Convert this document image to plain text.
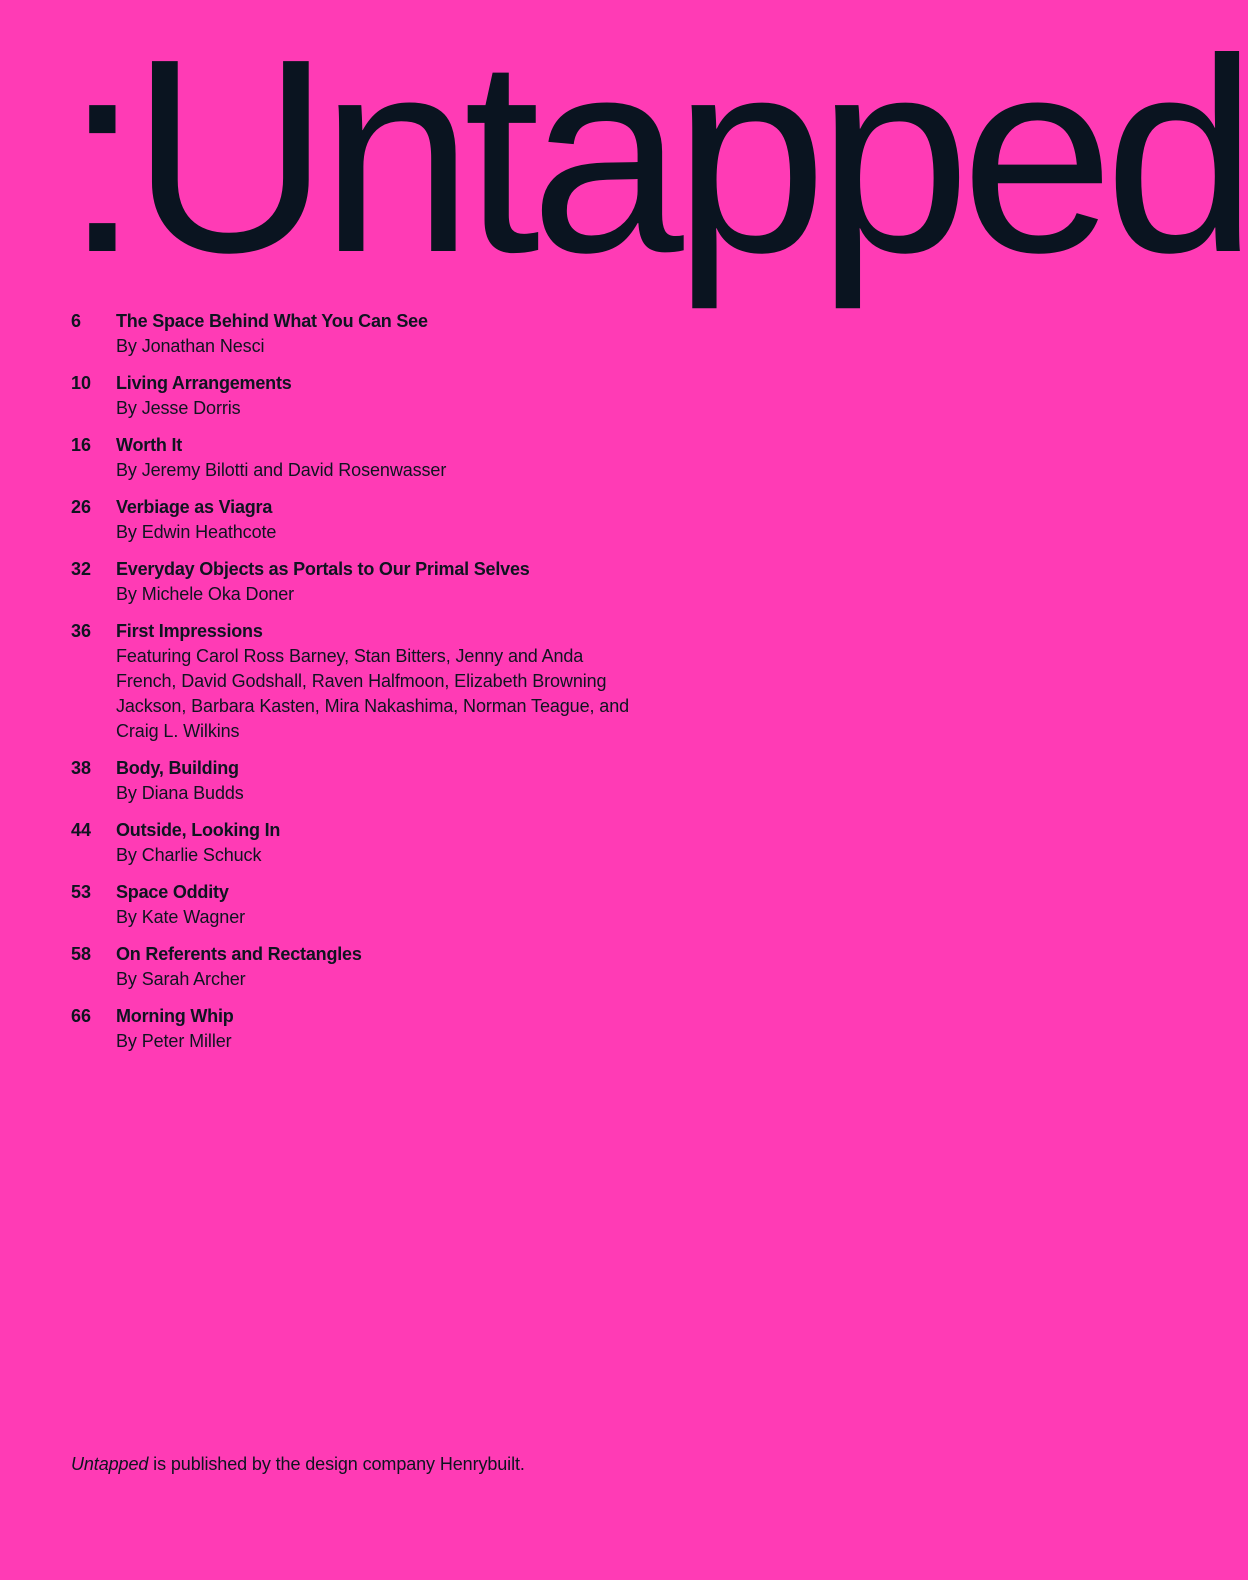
:Untapped
6	The Space Behind What You Can See
By Jonathan Nesci
10	Living Arrangements
By Jesse Dorris
16	Worth It
By Jeremy Bilotti and David Rosenwasser
26	Verbiage as Viagra
By Edwin Heathcote
32	Everyday Objects as Portals to Our Primal Selves
By Michele Oka Doner
36	First Impressions
Featuring Carol Ross Barney, Stan Bitters, Jenny and Anda French, David Godshall, Raven Halfmoon, Elizabeth Browning Jackson, Barbara Kasten, Mira Nakashima, Norman Teague, and Craig L. Wilkins
38	Body, Building
By Diana Budds
44	Outside, Looking In
By Charlie Schuck
53	Space Oddity
By Kate Wagner
58	On Referents and Rectangles
By Sarah Archer
66	Morning Whip
By Peter Miller
Untapped is published by the design company Henrybuilt.
